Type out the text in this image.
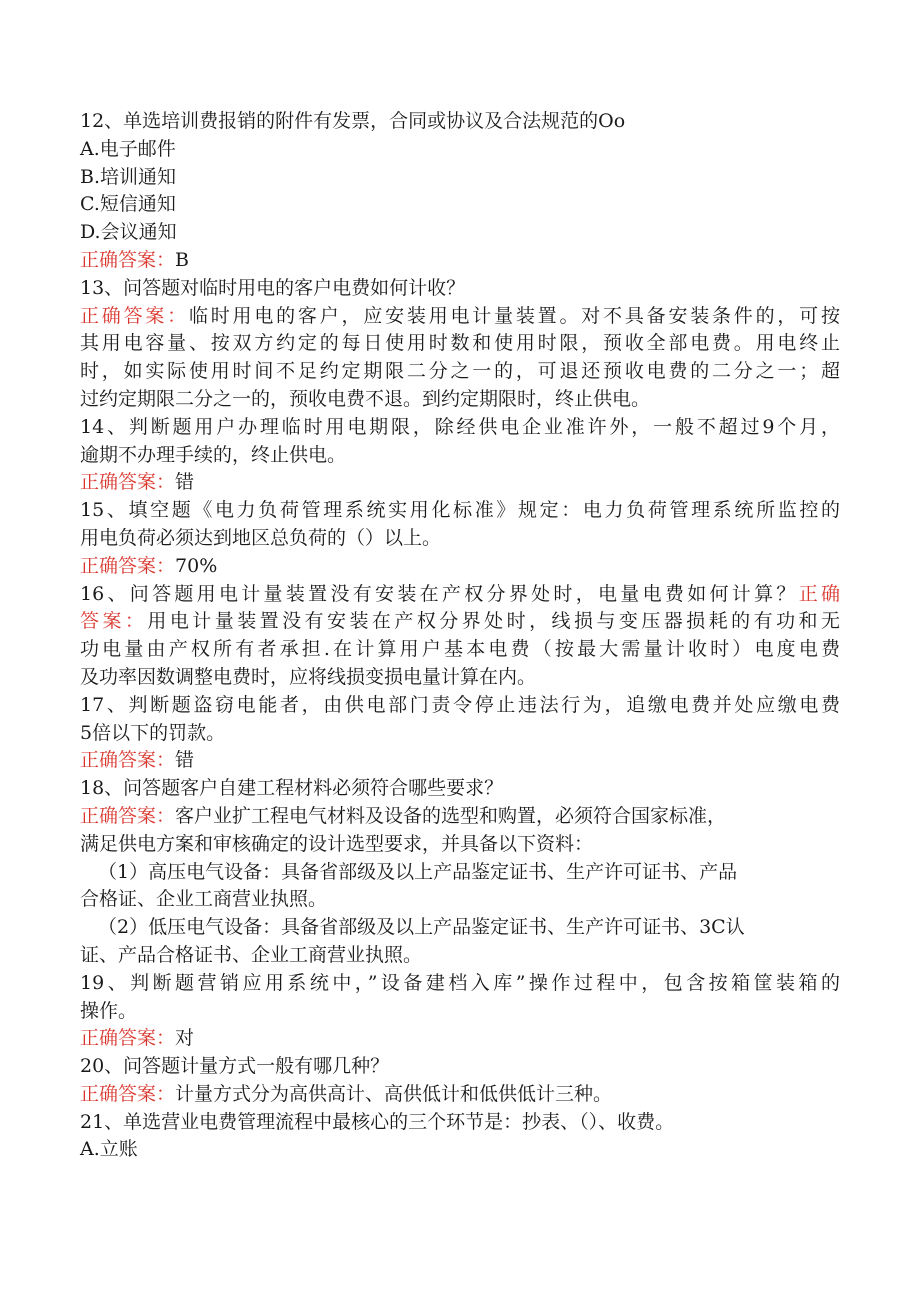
12、单选培训费报销的附件有发票，合同或协议及合法规范的Oo
A.电子邮件
B.培训通知
C.短信通知
D.会议通知
正确答案：B
13、问答题对临时用电的客户电费如何计收？
正确答案：临时用电的客户，应安装用电计量装置。对不具备安装条件的，可按
其用电容量、按双方约定的每日使用时数和使用时限，预收全部电费。用电终止
时，如实际使用时间不足约定期限二分之一的，可退还预收电费的二分之一；超
过约定期限二分之一的，预收电费不退。到约定期限时，终止供电。
14、判断题用户办理临时用电期限，除经供电企业准许外，一般不超过9个月，
逾期不办理手续的，终止供电。
正确答案：错
15、填空题《电力负荷管理系统实用化标准》规定：电力负荷管理系统所监控的
用电负荷必须达到地区总负荷的（）以上。
正确答案：70%
16、问答题用电计量装置没有安装在产权分界处时，电量电费如何计算？正确
答案：用电计量装置没有安装在产权分界处时，线损与变压器损耗的有功和无
功电量由产权所有者承担.在计算用户基本电费（按最大需量计收时）电度电费
及功率因数调整电费时，应将线损变损电量计算在内。
17、判断题盗窃电能者，由供电部门责令停止违法行为，追缴电费并处应缴电费
5倍以下的罚款。
正确答案：错
18、问答题客户自建工程材料必须符合哪些要求？
正确答案：客户业扩工程电气材料及设备的选型和购置，必须符合国家标准，
满足供电方案和审核确定的设计选型要求，并具备以下资料：
（1）高压电气设备：具备省部级及以上产品鉴定证书、生产许可证书、产品
合格证、企业工商营业执照。
（2）低压电气设备：具备省部级及以上产品鉴定证书、生产许可证书、3C认
证、产品合格证书、企业工商营业执照。
19、判断题营销应用系统中，”设备建档入库”操作过程中，包含按箱筐装箱的
操作。
正确答案：对
20、问答题计量方式一般有哪几种？
正确答案：计量方式分为高供高计、高供低计和低供低计三种。
21、单选营业电费管理流程中最核心的三个环节是：抄表、（）、收费。
A.立账
